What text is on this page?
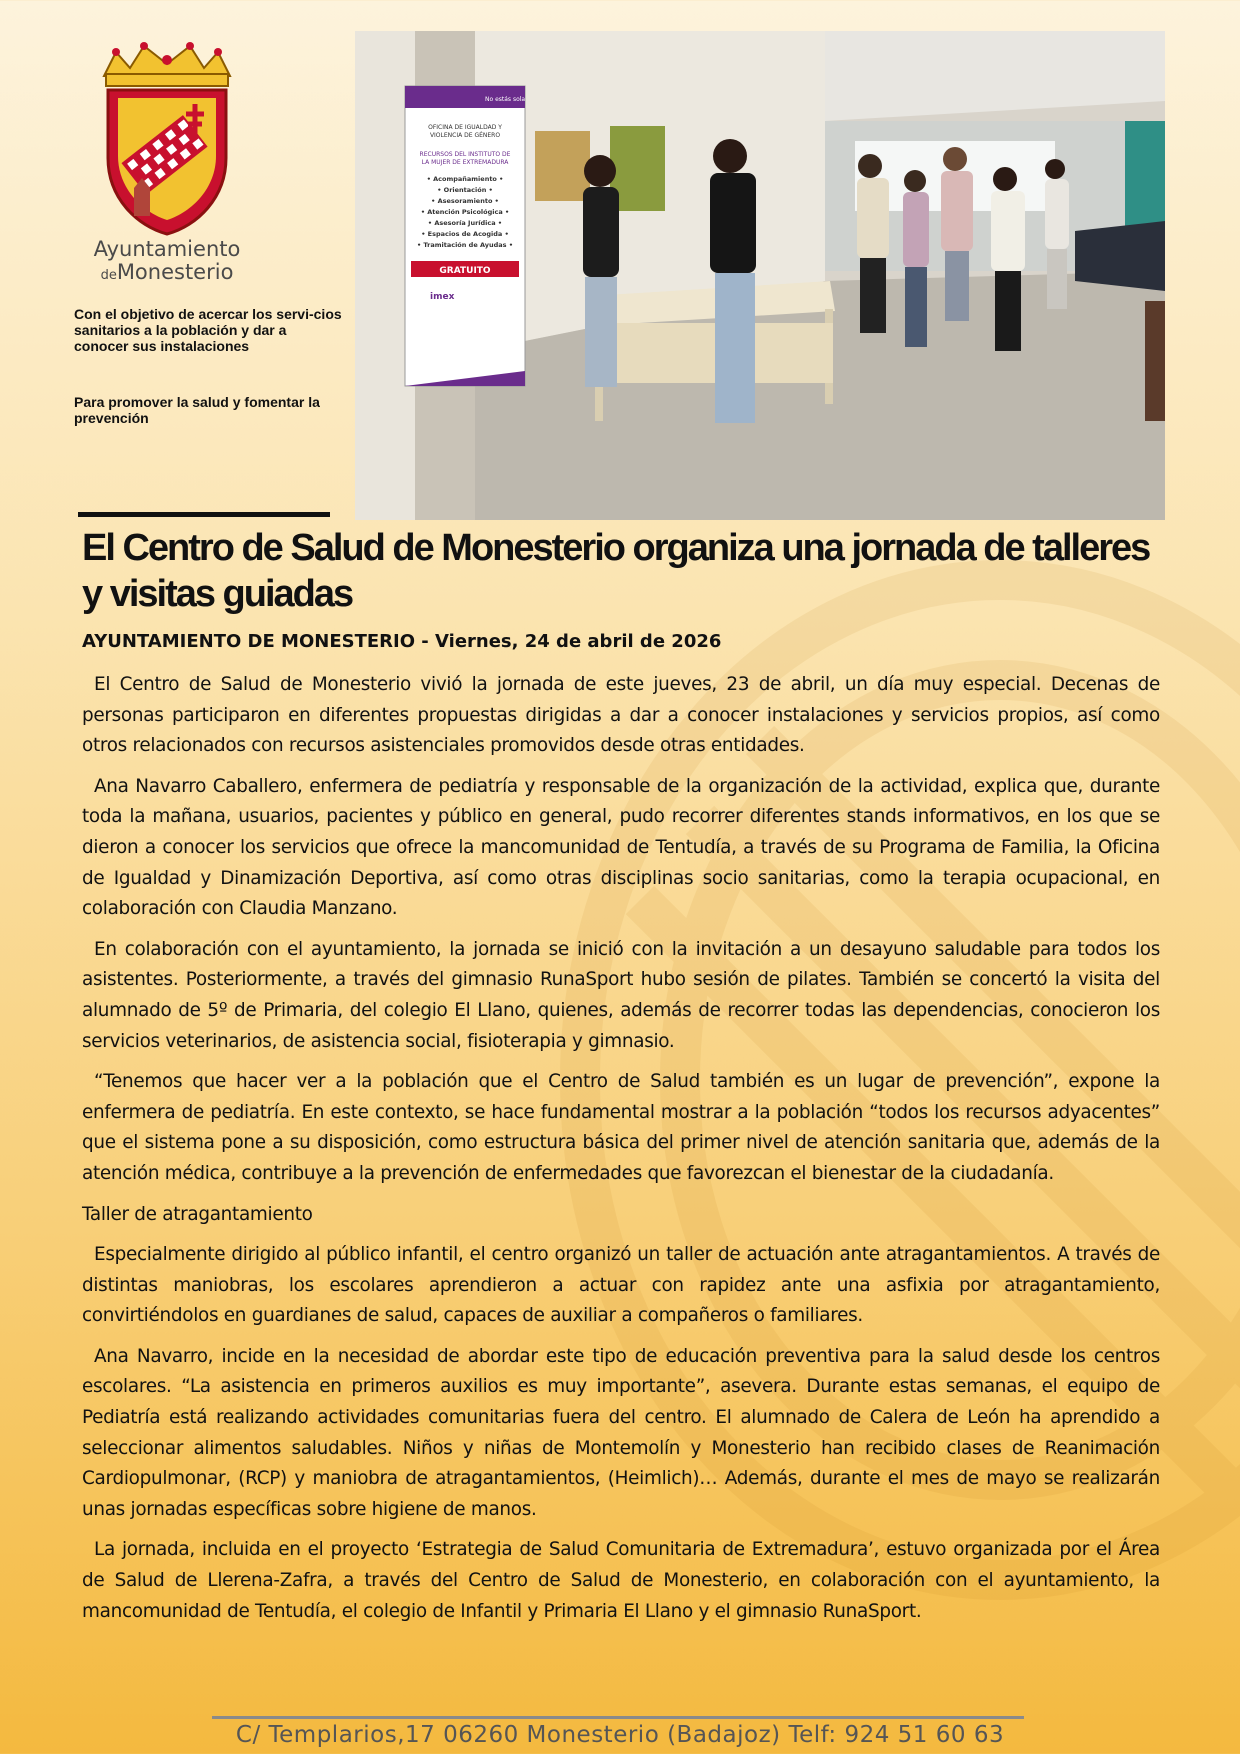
Ayuntamiento
deMonesterio
Con el objetivo de acercar los servi-cios sanitarios a la población y dar a conocer sus instalaciones
Para promover la salud y fomentar la prevención
No estás sola
OFICINA DE IGUALDAD Y
VIOLENCIA DE GÉNERO
RECURSOS DEL INSTITUTO DE
LA MUJER DE EXTREMADURA
• Acompañamiento •
• Orientación •
• Asesoramiento •
• Atención Psicológica •
• Asesoría Jurídica •
• Espacios de Acogida •
• Tramitación de Ayudas •
GRATUITO
imex
El Centro de Salud de Monesterio organiza una jornada de talleres y visitas guiadas
AYUNTAMIENTO DE MONESTERIO - Viernes, 24 de abril de 2026

El Centro de Salud de Monesterio vivió la jornada de este jueves, 23 de abril, un día muy especial. Decenas de personas participaron en diferentes propuestas dirigidas a dar a conocer instalaciones y servicios propios, así como otros relacionados con recursos asistenciales promovidos desde otras entidades.

Ana Navarro Caballero, enfermera de pediatría y responsable de la organización de la actividad, explica que, durante toda la mañana, usuarios, pacientes y público en general, pudo recorrer diferentes stands informativos, en los que se dieron a conocer los servicios que ofrece la mancomunidad de Tentudía, a través de su Programa de Familia, la Oficina de Igualdad y Dinamización Deportiva, así como otras disciplinas socio sanitarias, como la terapia ocupacional, en colaboración con Claudia Manzano.

En colaboración con el ayuntamiento, la jornada se inició con la invitación a un desayuno saludable para todos los asistentes. Posteriormente, a través del gimnasio RunaSport hubo sesión de pilates. También se concertó la visita del alumnado de 5º de Primaria, del colegio El Llano, quienes, además de recorrer todas las dependencias, conocieron los servicios veterinarios, de asistencia social, fisioterapia y gimnasio.

“Tenemos que hacer ver a la población que el Centro de Salud también es un lugar de prevención”, expone la enfermera de pediatría. En este contexto, se hace fundamental mostrar a la población “todos los recursos adyacentes” que el sistema pone a su disposición, como estructura básica del primer nivel de atención sanitaria que, además de la atención médica, contribuye a la prevención de enfermedades que favorezcan el bienestar de la ciudadanía.

Taller de atragantamiento

Especialmente dirigido al público infantil, el centro organizó un taller de actuación ante atragantamientos. A través de distintas maniobras, los escolares aprendieron a actuar con rapidez ante una asfixia por atragantamiento, convirtiéndolos en guardianes de salud, capaces de auxiliar a compañeros o familiares.

Ana Navarro, incide en la necesidad de abordar este tipo de educación preventiva para la salud desde los centros escolares. “La asistencia en primeros auxilios es muy importante”, asevera. Durante estas semanas, el equipo de Pediatría está realizando actividades comunitarias fuera del centro. El alumnado de Calera de León ha aprendido a seleccionar alimentos saludables. Niños y niñas de Montemolín y Monesterio han recibido clases de Reanimación Cardiopulmonar, (RCP) y maniobra de atragantamientos, (Heimlich)… Además, durante el mes de mayo se realizarán unas jornadas específicas sobre higiene de manos.

La jornada, incluida en el proyecto ‘Estrategia de Salud Comunitaria de Extremadura’, estuvo organizada por el Área de Salud de Llerena-Zafra, a través del Centro de Salud de Monesterio, en colaboración con el ayuntamiento, la mancomunidad de Tentudía, el colegio de Infantil y Primaria El Llano y el gimnasio RunaSport.

C/ Templarios,17 06260 Monesterio (Badajoz) Telf: 924 51 60 63
